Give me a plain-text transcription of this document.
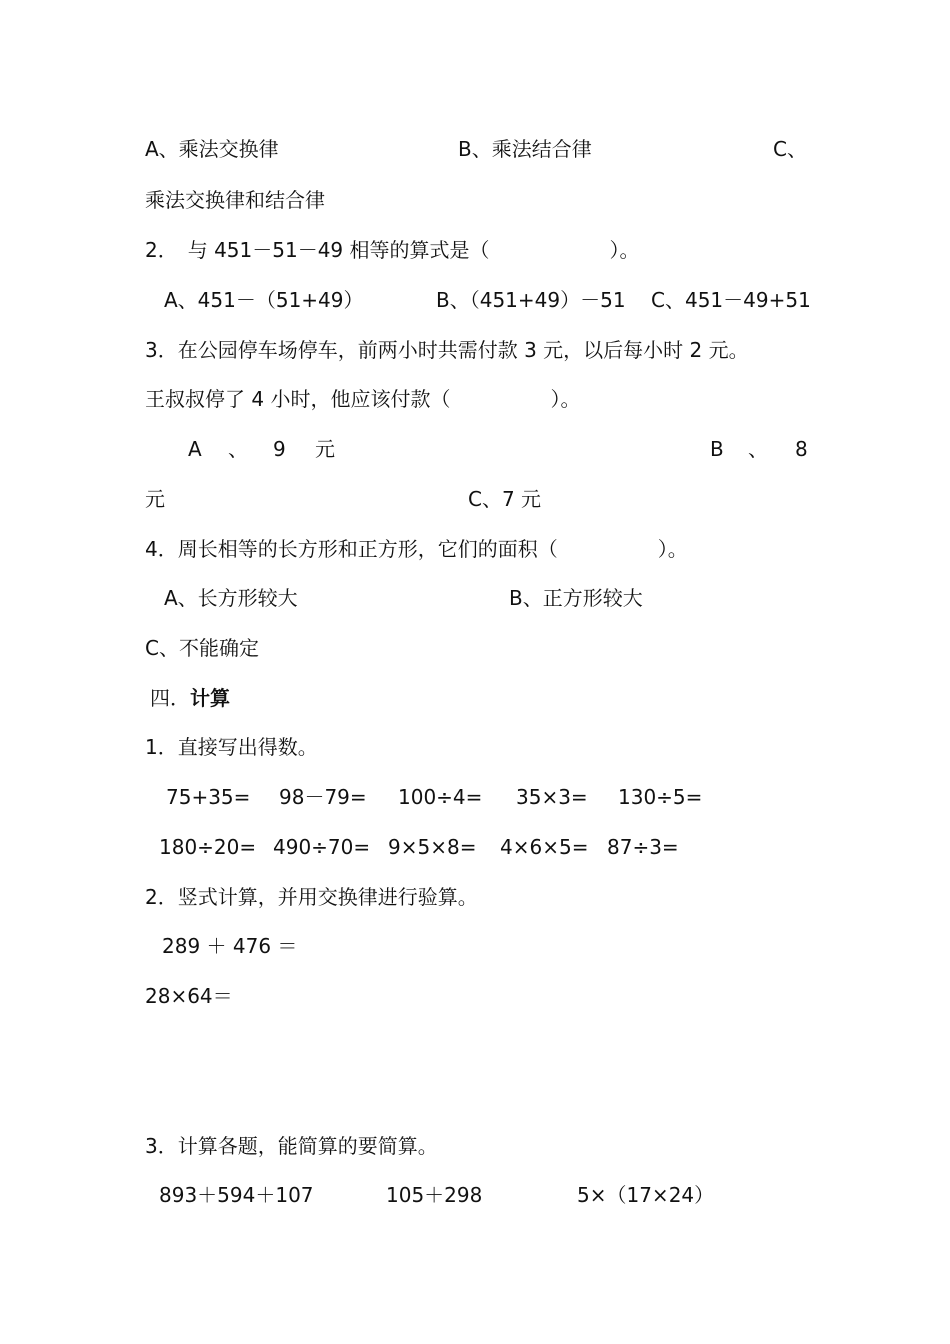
A、乘法交换律	B、乘法结合律	C、
乘法交换律和结合律
2．　与 451－51－49 相等的算式是（　　　　　　）。
A、451－（51+49）	B、（451+49）－51 C、451－49+51
3．在公园停车场停车，前两小时共需付款 3 元，以后每小时 2 元。
王叔叔停了 4 小时，他应该付款（　　　　　）。
A 、 9 元	B 、 8
元	C、7 元
4．周长相等的长方形和正方形，它们的面积（　　　　　）。
A、长方形较大	B、正方形较大
C、不能确定
四．计算
1．直接写出得数。
75+35= 98－79= 100÷4= 35×3= 130÷5=
180÷20= 490÷70= 9×5×8= 4×6×5= 87÷3=
2．竖式计算，并用交换律进行验算。
289 ＋ 476 ＝
28×64＝
3．计算各题，能简算的要简算。
893＋594＋107	105＋298	5×（17×24）
